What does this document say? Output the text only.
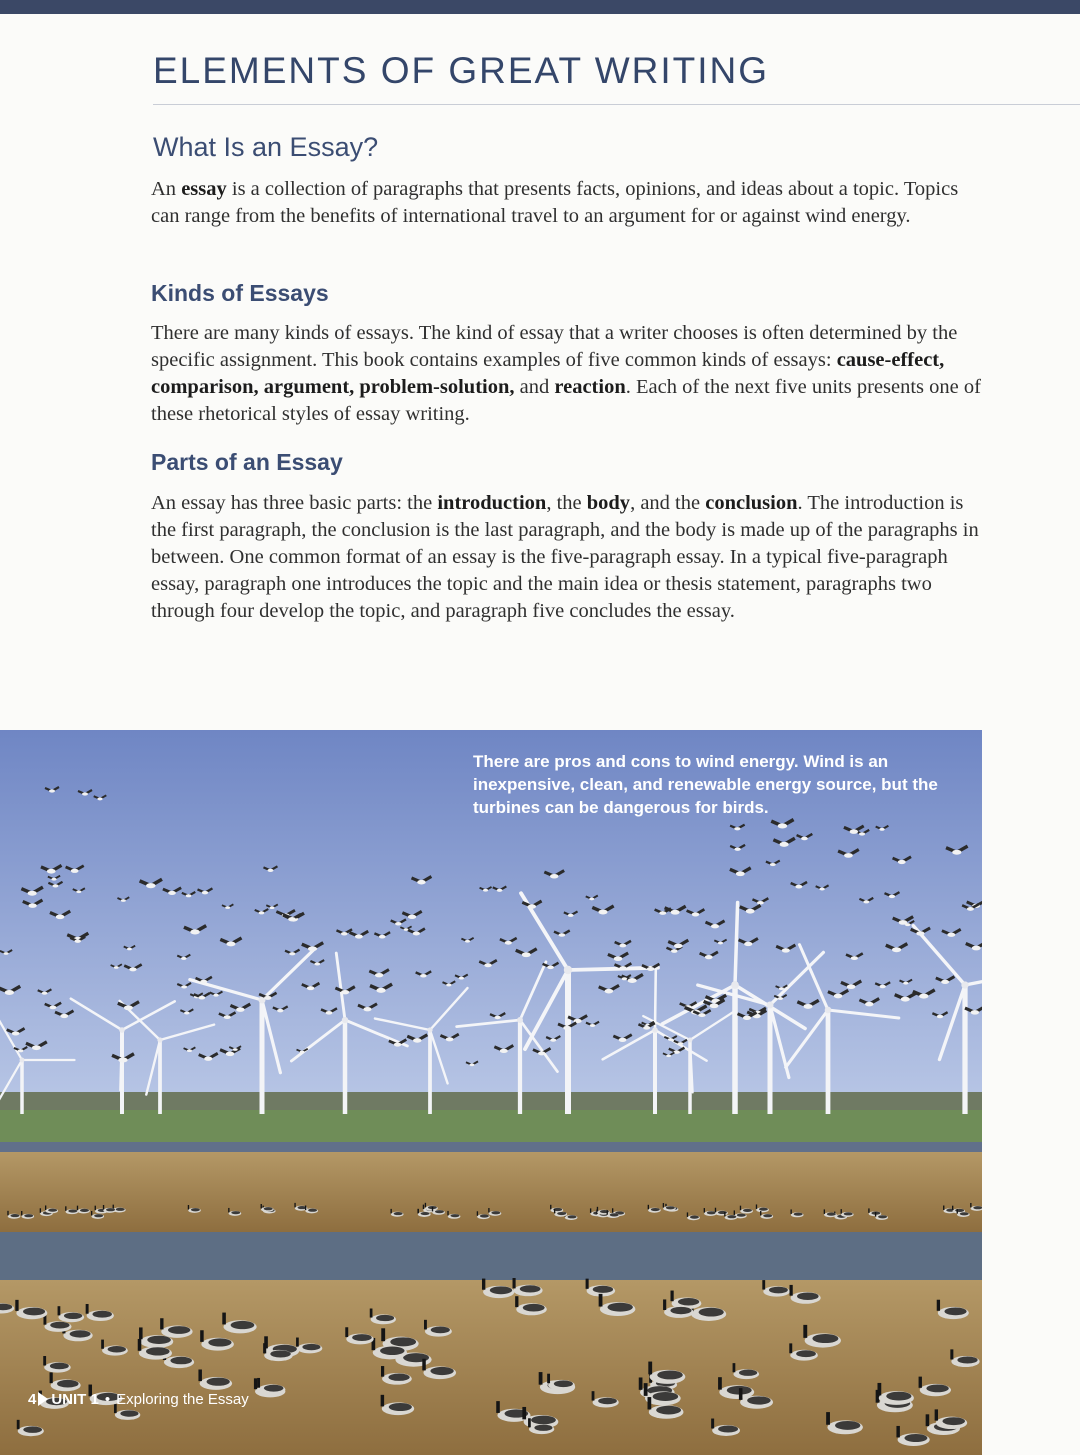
ELEMENTS OF GREAT WRITING
What Is an Essay?

An essay is a collection of paragraphs that presents facts, opinions, and ideas about a topic. Topics can range from the benefits of international travel to an argument for or against wind energy.

Kinds of Essays

There are many kinds of essays. The kind of essay that a writer chooses is often determined by the specific assignment. This book contains examples of five common kinds of essays: cause-effect, comparison, argument, problem-solution, and reaction. Each of the next five units presents one of these rhetorical styles of essay writing.

Parts of an Essay

An essay has three basic parts: the introduction, the body, and the conclusion. The introduction is the first paragraph, the conclusion is the last paragraph, and the body is made up of the paragraphs in between. One common format of an essay is the five-paragraph essay. In a typical five-paragraph essay, paragraph one introduces the topic and the main idea or thesis statement, paragraphs two through four develop the topic, and paragraph five concludes the essay.

There are pros and cons to wind energy. Wind is an inexpensive, clean, and renewable energy source, but the turbines can be dangerous for birds.

4 UNIT 1 • Exploring the Essay
